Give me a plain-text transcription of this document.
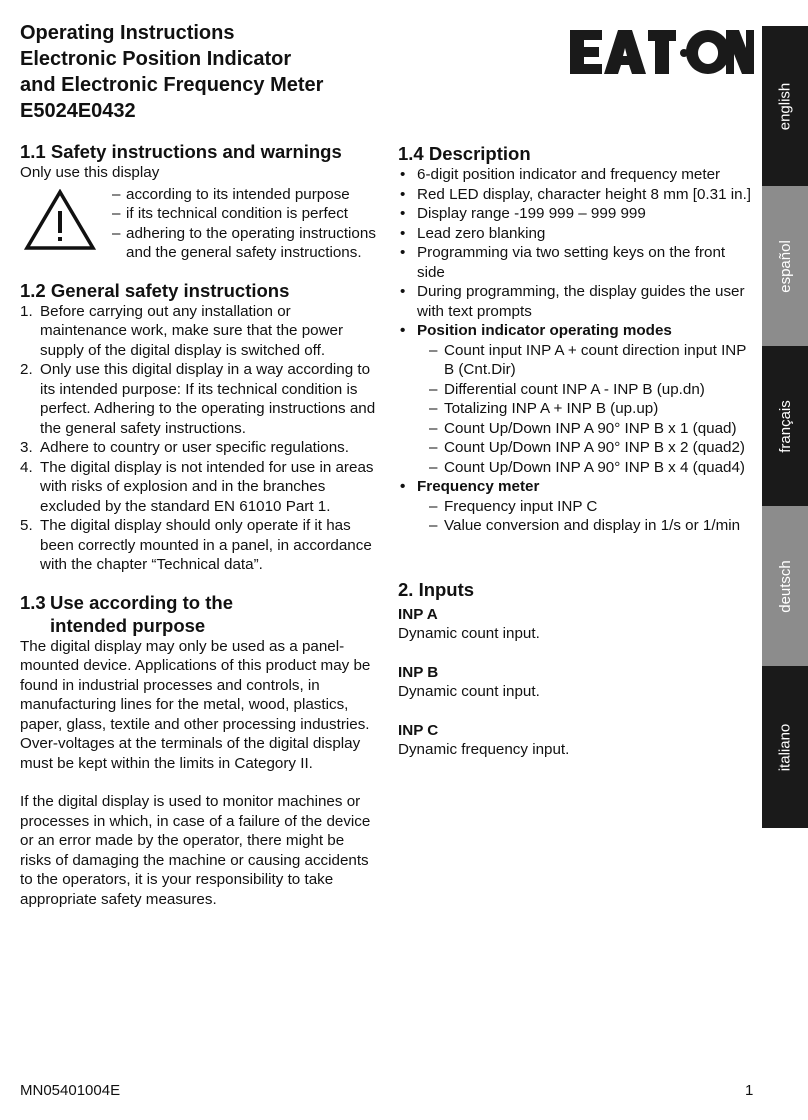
Operating Instructions
Electronic Position Indicator
and Electronic Frequency Meter
E5024E0432
1.1 Safety instructions and warnings

Only use this display

– according to its intended purpose
– if its technical condition is perfect
– adhering to the operating instructions and the general safety instructions.
1.2 General safety instructions
1. Before carrying out any installation or maintenance work, make sure that the power supply of the digital display is switched off.
2. Only use this digital display in a way according to its intended purpose: If its technical condition is perfect. Adhering to the operating instructions and the general safety instructions.
3. Adhere to country or user specific regulations.
4. The digital display is not intended for use in areas with risks of explosion and in the branches excluded by the standard EN 61010 Part 1.
5. The digital display should only operate if it has been correctly mounted in a panel, in accordance with the chapter “Technical data”.
1.3 Use according to the intended purpose

The digital display may only be used as a panel-mounted device. Applications of this product may be found in industrial processes and controls, in manufacturing lines for the metal, wood, plastics, paper, glass, textile and other processing industries.

Over-voltages at the terminals of the digital display must be kept within the limits in Category II.

If the digital display is used to monitor machines or processes in which, in case of a failure of the device or an error made by the operator, there might be risks of damaging the machine or causing accidents to the operators, it is your responsibility to take appropriate safety measures.

1.4 Description
• 6-digit position indicator and frequency meter
• Red LED display, character height 8 mm [0.31 in.]
• Display range -199 999 – 999 999
• Lead zero blanking
• Programming via two setting keys on the front side
• During programming, the display guides the user with text prompts
• Position indicator operating modes
– Count input INP A + count direction input INP B (Cnt.Dir)
– Differential count INP A - INP B (up.dn)
– Totalizing INP A + INP B (up.up)
– Count Up/Down INP A 90° INP B x 1 (quad)
– Count Up/Down INP A 90° INP B x 2 (quad2)
– Count Up/Down INP A 90° INP B x 4 (quad4)
• Frequency meter
– Frequency input INP C
– Value conversion and display in 1/s or 1/min
2. Inputs
INP A
Dynamic count input.
INP B
Dynamic count input.
INP C
Dynamic frequency input.
english
español
français
deutsch
italiano
MN05401004E	1
